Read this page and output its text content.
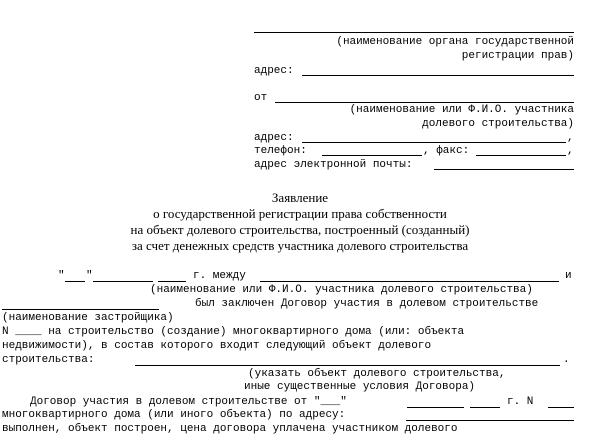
(наименование органа государственной
регистрации прав)
адрес:
от
(наименование или Ф.И.О. участника
долевого строительства)
адрес:	,
телефон:	, факс:	,
адрес электронной почты:
Заявление
о государственной регистрации права собственности
на объект долевого строительства, построенный (созданный)
за счет денежных средств участника долевого строительства
" "	г. между	и
(наименование или Ф.И.О. участника долевого строительства)
был заключен Договор участия в долевом строительстве
(наименование застройщика)
N ____ на строительство (создание) многоквартирного дома (или: объекта
недвижимости), в состав которого входит следующий объект долевого
строительства:	.
(указать объект долевого строительства,
иные существенные условия Договора)
Договор участия в долевом строительстве от "___"	г. N
многоквартирного дома (или иного объекта) по адресу:
выполнен, объект построен, цена договора уплачена участником долевого
